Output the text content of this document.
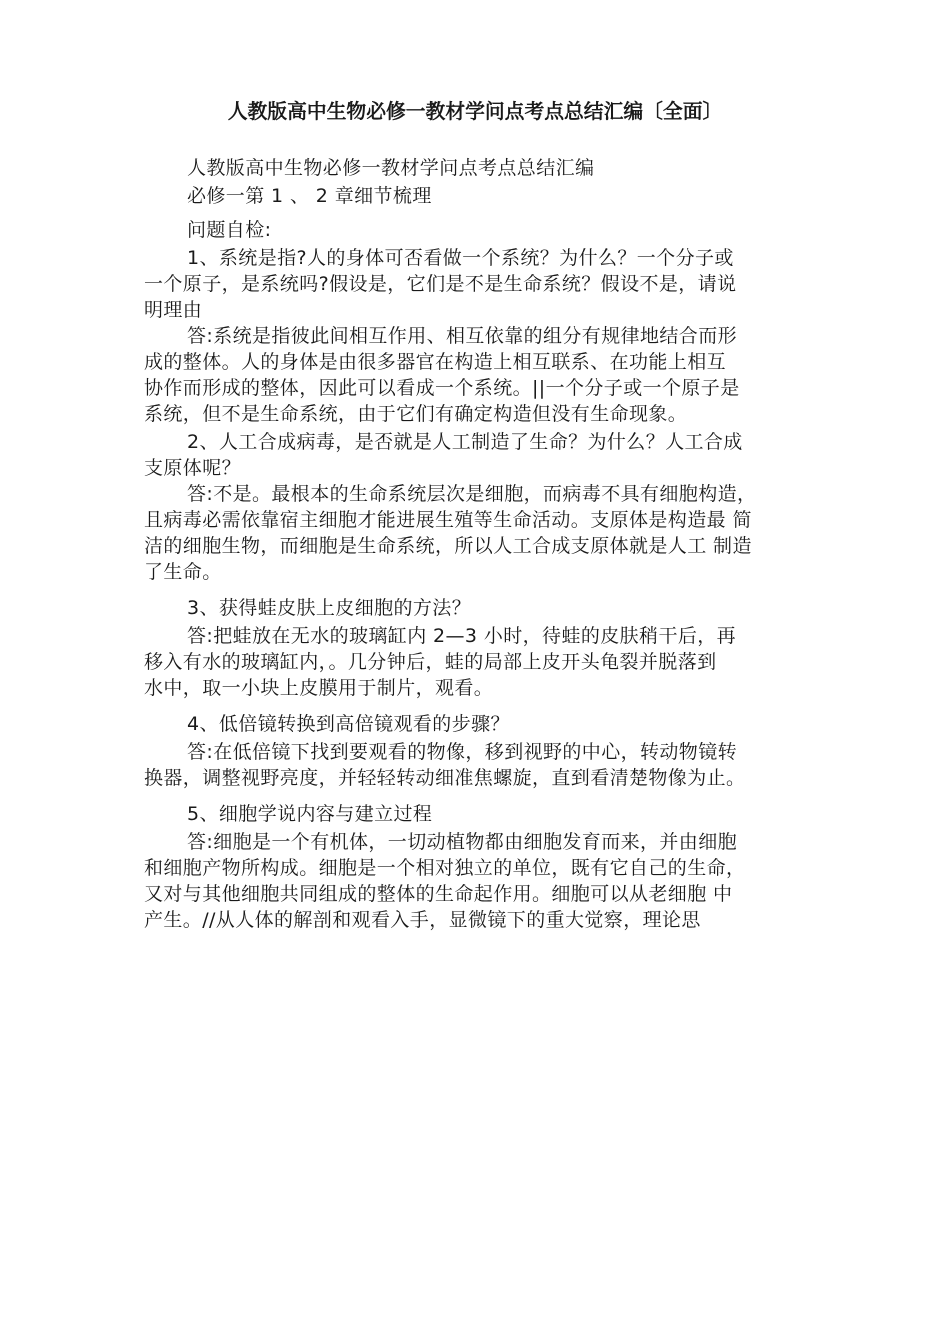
人教版高中生物必修一教材学问点考点总结汇编〔全面〕
人教版高中生物必修一教材学问点考点总结汇编
必修一第 1 、 2 章细节梳理
问题自检:
1、系统是指?人的身体可否看做一个系统？为什么？一个分子或
一个原子，是系统吗?假设是，它们是不是生命系统？假设不是，请说
明理由
答:系统是指彼此间相互作用、相互依靠的组分有规律地结合而形
成的整体。人的身体是由很多器官在构造上相互联系、在功能上相互
协作而形成的整体，因此可以看成一个系统。||一个分子或一个原子是
系统，但不是生命系统，由于它们有确定构造但没有生命现象。
2、人工合成病毒，是否就是人工制造了生命？为什么？人工合成
支原体呢？
答:不是。最根本的生命系统层次是细胞，而病毒不具有细胞构造，
且病毒必需依靠宿主细胞才能进展生殖等生命活动。支原体是构造最 简
洁的细胞生物，而细胞是生命系统，所以人工合成支原体就是人工 制造
了生命。
3、获得蛙皮肤上皮细胞的方法？
答:把蛙放在无水的玻璃缸内 2—3 小时，待蛙的皮肤稍干后，再
移入有水的玻璃缸内，。几分钟后，蛙的局部上皮开头龟裂并脱落到
水中，取一小块上皮膜用于制片，观看。
4、低倍镜转换到高倍镜观看的步骤？
答:在低倍镜下找到要观看的物像，移到视野的中心，转动物镜转
换器，调整视野亮度，并轻轻转动细准焦螺旋，直到看清楚物像为止。
5、细胞学说内容与建立过程
答:细胞是一个有机体，一切动植物都由细胞发育而来，并由细胞
和细胞产物所构成。细胞是一个相对独立的单位，既有它自己的生命，
又对与其他细胞共同组成的整体的生命起作用。细胞可以从老细胞 中
产生。//从人体的解剖和观看入手，显微镜下的重大觉察，理论思
